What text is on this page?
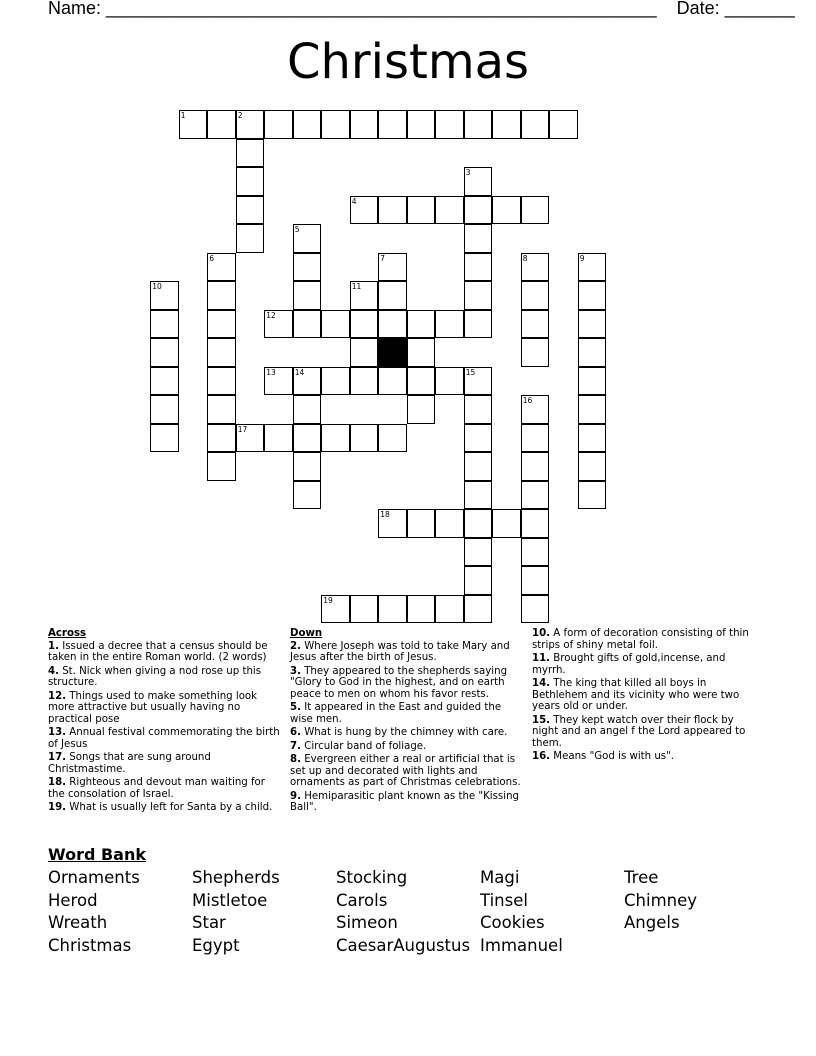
Name: _______________________________________________________ Date: _______
Christmas
1	2
3
4
5
6	7	8	9
10	11
12
13	14	15
16
17
18
19
Across
1. Issued a decree that a census should be taken in the entire Roman world. (2 words)
4. St. Nick when giving a nod rose up this structure.
12. Things used to make something look more attractive but usually having no practical pose
13. Annual festival commemorating the birth of Jesus
17. Songs that are sung around Christmastime.
18. Righteous and devout man waiting for the consolation of Israel.
19. What is usually left for Santa by a child.
Down
2. Where Joseph was told to take Mary and Jesus after the birth of Jesus.
3. They appeared to the shepherds saying "Glory to God in the highest, and on earth peace to men on whom his favor rests.
5. It appeared in the East and guided the wise men.
6. What is hung by the chimney with care.
7. Circular band of foliage.
8. Evergreen either a real or artificial that is set up and decorated with lights and ornaments as part of Christmas celebrations.
9. Hemiparasitic plant known as the "Kissing Ball".
10. A form of decoration consisting of thin strips of shiny metal foil.
11. Brought gifts of gold,incense, and myrrh.
14. The king that killed all boys in Bethlehem and its vicinity who were two years old or under.
15. They kept watch over their flock by night and an angel f the Lord appeared to them.
16. Means "God is with us".
Word Bank
Ornaments
Herod
Wreath
Christmas
Shepherds
Mistletoe
Star
Egypt
Stocking
Carols
Simeon
CaesarAugustus
Magi
Tinsel
Cookies
Immanuel
Tree
Chimney
Angels
